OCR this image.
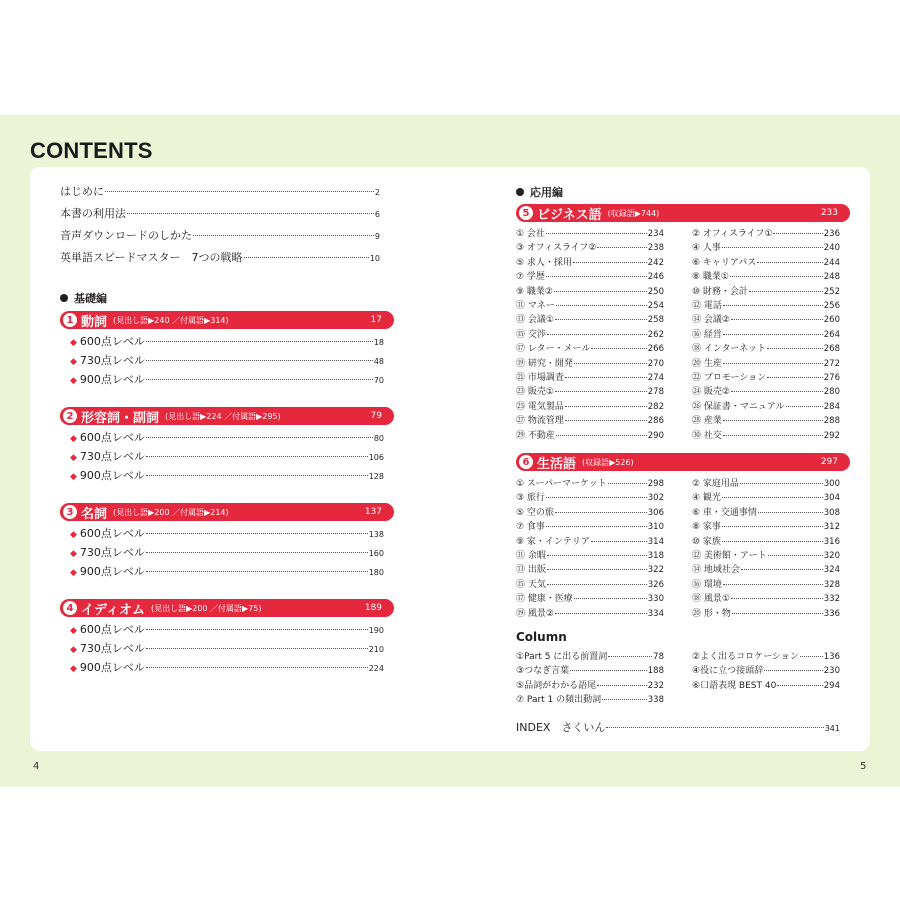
CONTENTS
4	5
はじめに	2
本書の利用法	6
音声ダウンロードのしかた	9
英単語スピードマスター　7つの戦略	10
基礎編
1 動詞 (見出し語▶240 ／付属語▶314)	17
◆ 600点レベル	18
◆ 730点レベル	48
◆ 900点レベル	70
2 形容詞・副詞 (見出し語▶224 ／付属語▶295)	79
◆ 600点レベル	80
◆ 730点レベル	106
◆ 900点レベル	128
3 名詞 (見出し語▶200 ／付属語▶214)	137
◆ 600点レベル	138
◆ 730点レベル	160
◆ 900点レベル	180
4 イディオム (見出し語▶200 ／付属語▶75)	189
◆ 600点レベル	190
◆ 730点レベル	210
◆ 900点レベル	224
応用編
5 ビジネス語 (収録語▶744)	233
① 会社	234	② オフィスライフ①	236
③ オフィスライフ②	238	④ 人事	240
⑤ 求人・採用	242	⑥ キャリアパス	244
⑦ 学歴	246	⑧ 職業①	248
⑨ 職業②	250	⑩ 財務・会計	252
⑪ マネー	254	⑫ 電話	256
⑬ 会議①	258	⑭ 会議②	260
⑮ 交渉	262	⑯ 経営	264
⑰ レター・メール	266	⑱ インターネット	268
⑲ 研究・開発	270	⑳ 生産	272
㉑ 市場調査	274	㉒ プロモーション	276
㉓ 販売①	278	㉔ 販売②	280
㉕ 電気製品	282	㉖ 保証書・マニュアル	284
㉗ 物流管理	286	㉘ 産業	288
㉙ 不動産	290	㉚ 社交	292
6 生活語 (収録語▶526)	297
① スーパーマーケット	298	② 家庭用品	300
③ 旅行	302	④ 観光	304
⑤ 空の旅	306	⑥ 車・交通事情	308
⑦ 食事	310	⑧ 家事	312
⑨ 家・インテリア	314	⑩ 家族	316
⑪ 余暇	318	⑫ 美術館・アート	320
⑬ 出版	322	⑭ 地域社会	324
⑮ 天気	326	⑯ 環境	328
⑰ 健康・医療	330	⑱ 風景①	332
⑲ 風景②	334	⑳ 形・物	336
Column
①Part 5 に出る前置詞	78	②よく出るコロケーション	136
③つなぎ言葉	188	④役に立つ接頭辞	230
⑤品詞がわかる語尾	232	⑥口語表現 BEST 40	294
⑦ Part 1 の頻出動詞	338
INDEX　さくいん	341
